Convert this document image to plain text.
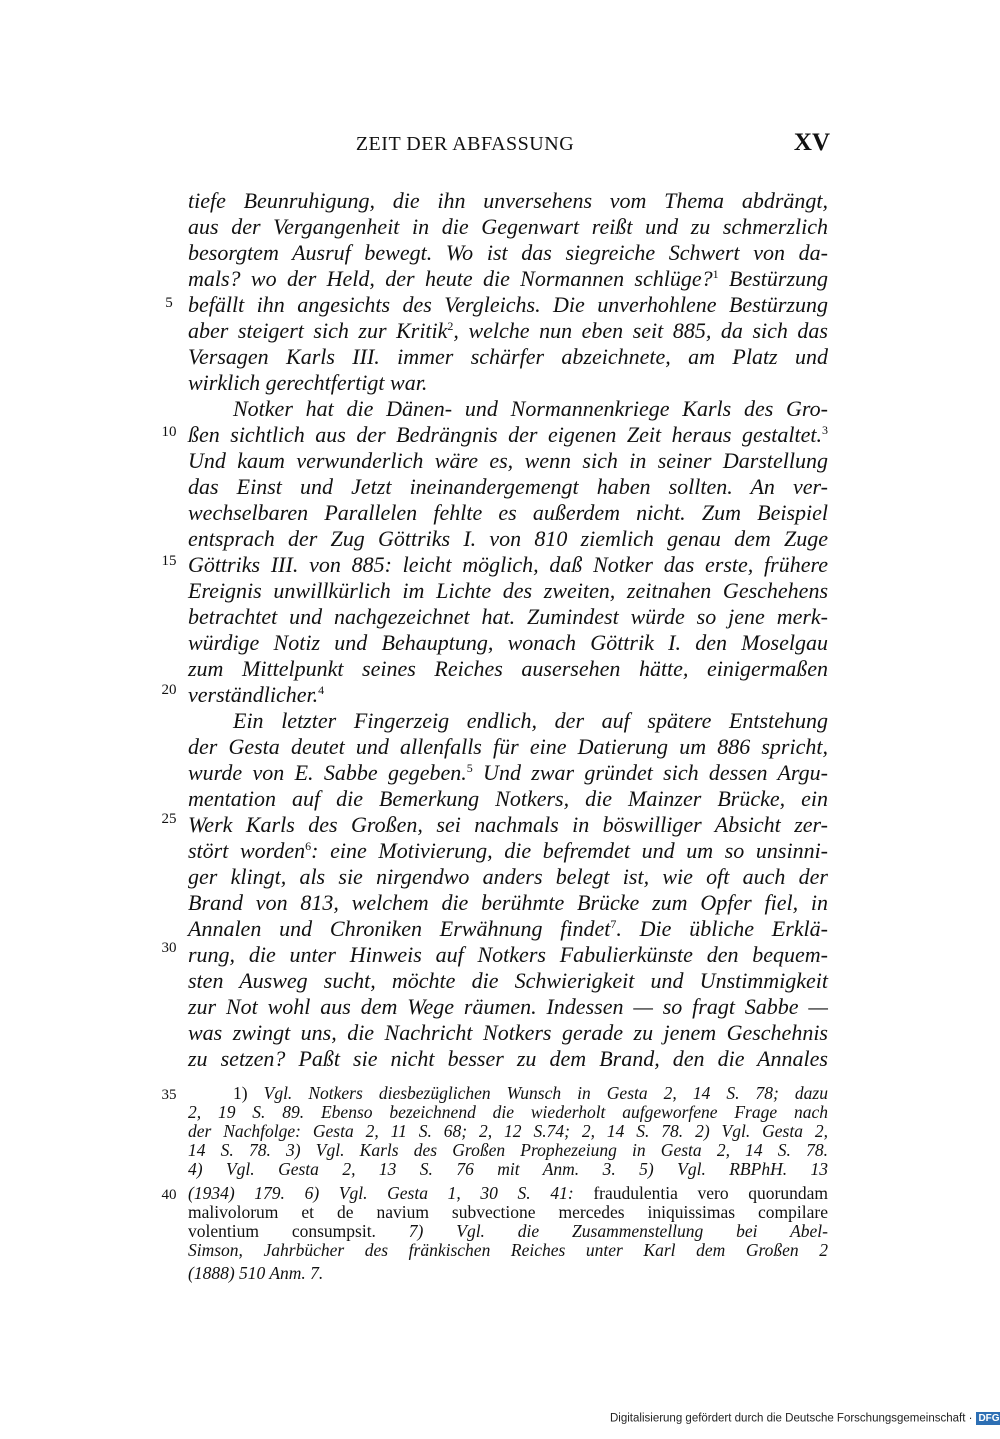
ZEIT DER ABFASSUNG	XV
5
10
15
20
25
30
35
40
tiefe Beunruhigung, die ihn unversehens vom Thema abdrängt,
aus der Vergangenheit in die Gegenwart reißt und zu schmerzlich
besorgtem Ausruf bewegt. Wo ist das siegreiche Schwert von da-
mals? wo der Held, der heute die Normannen schlüge?$^1$ Bestürzung
befällt ihn angesichts des Vergleichs. Die unverhohlene Bestürzung
aber steigert sich zur Kritik$^2$, welche nun eben seit 885, da sich das
Versagen Karls III. immer schärfer abzeichnete, am Platz und
wirklich gerechtfertigt war.
Notker hat die Dänen- und Normannenkriege Karls des Gro-
ßen sichtlich aus der Bedrängnis der eigenen Zeit heraus gestaltet.$^3$
Und kaum verwunderlich wäre es, wenn sich in seiner Darstellung
das Einst und Jetzt ineinandergemengt haben sollten. An ver-
wechselbaren Parallelen fehlte es außerdem nicht. Zum Beispiel
entsprach der Zug Göttriks I. von 810 ziemlich genau dem Zuge
Göttriks III. von 885: leicht möglich, daß Notker das erste, frühere
Ereignis unwillkürlich im Lichte des zweiten, zeitnahen Geschehens
betrachtet und nachgezeichnet hat. Zumindest würde so jene merk-
würdige Notiz und Behauptung, wonach Göttrik I. den Moselgau
zum Mittelpunkt seines Reiches ausersehen hätte, einigermaßen
verständlicher.$^4$
Ein letzter Fingerzeig endlich, der auf spätere Entstehung
der Gesta deutet und allenfalls für eine Datierung um 886 spricht,
wurde von E. Sabbe gegeben.$^5$ Und zwar gründet sich dessen Argu-
mentation auf die Bemerkung Notkers, die Mainzer Brücke, ein
Werk Karls des Großen, sei nachmals in böswilliger Absicht zer-
stört worden$^6$: eine Motivierung, die befremdet und um so unsinni-
ger klingt, als sie nirgendwo anders belegt ist, wie oft auch der
Brand von 813, welchem die berühmte Brücke zum Opfer fiel, in
Annalen und Chroniken Erwähnung findet$^7$. Die übliche Erklä-
rung, die unter Hinweis auf Notkers Fabulierkünste den bequem-
sten Ausweg sucht, möchte die Schwierigkeit und Unstimmigkeit
zur Not wohl aus dem Wege räumen. Indessen — so fragt Sabbe —
was zwingt uns, die Nachricht Notkers gerade zu jenem Geschehnis
zu setzen? Paßt sie nicht besser zu dem Brand, den die Annales
1) Vgl. Notkers diesbezüglichen Wunsch in Gesta 2, 14 S. 78; dazu
2, 19 S. 89. Ebenso bezeichnend die wiederholt aufgeworfene Frage nach
der Nachfolge: Gesta 2, 11 S. 68; 2, 12 S.74; 2, 14 S. 78. 2) Vgl. Gesta 2,
14 S. 78. 3) Vgl. Karls des Großen Prophezeiung in Gesta 2, 14 S. 78.
4) Vgl. Gesta 2, 13 S. 76 mit Anm. 3. 5) Vgl. RBPhH. 13
(1934) 179. 6) Vgl. Gesta 1, 30 S. 41: fraudulentia vero quorundam
malivolorum et de navium subvectione mercedes iniquissimas compilare
volentium consumpsit. 7) Vgl. die Zusammenstellung bei Abel-
Simson, Jahrbücher des fränkischen Reiches unter Karl dem Großen 2
(1888) 510 Anm. 7.
Digitalisierung gefördert durch die Deutsche Forschungsgemeinschaft · DFG
